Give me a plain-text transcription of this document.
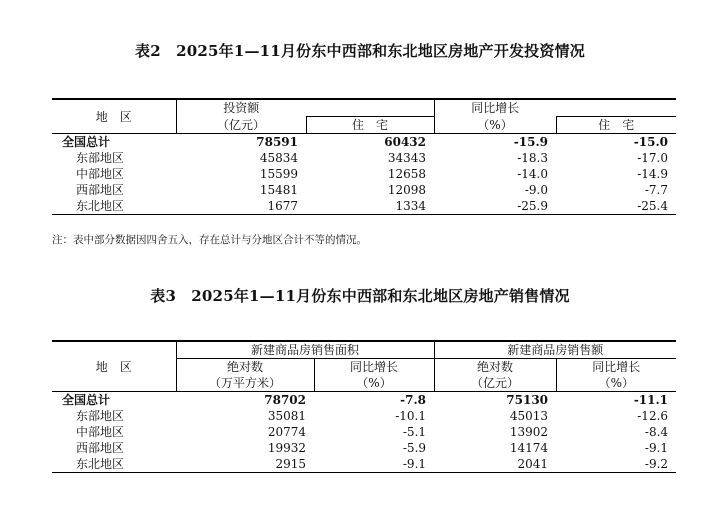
表2　2025年1—11月份东中西部和东北地区房地产开发投资情况
地　区	投资额		同比增长	
	（亿元）	住　宅	（%）	住　宅
全国总计	78591	60432	-15.9	-15.0
东部地区	45834	34343	-18.3	-17.0
中部地区	15599	12658	-14.0	-14.9
西部地区	15481	12098	-9.0	-7.7
东北地区	1677	1334	-25.9	-25.4
注：表中部分数据因四舍五入，存在总计与分地区合计不等的情况。
表3　2025年1—11月份东中西部和东北地区房地产销售情况
地　区	新建商品房销售面积		新建商品房销售额	
	绝对数	同比增长	绝对数	同比增长
	（万平方米）	（%）	（亿元）	（%）
全国总计	78702	-7.8	75130	-11.1
东部地区	35081	-10.1	45013	-12.6
中部地区	20774	-5.1	13902	-8.4
西部地区	19932	-5.9	14174	-9.1
东北地区	2915	-9.1	2041	-9.2
